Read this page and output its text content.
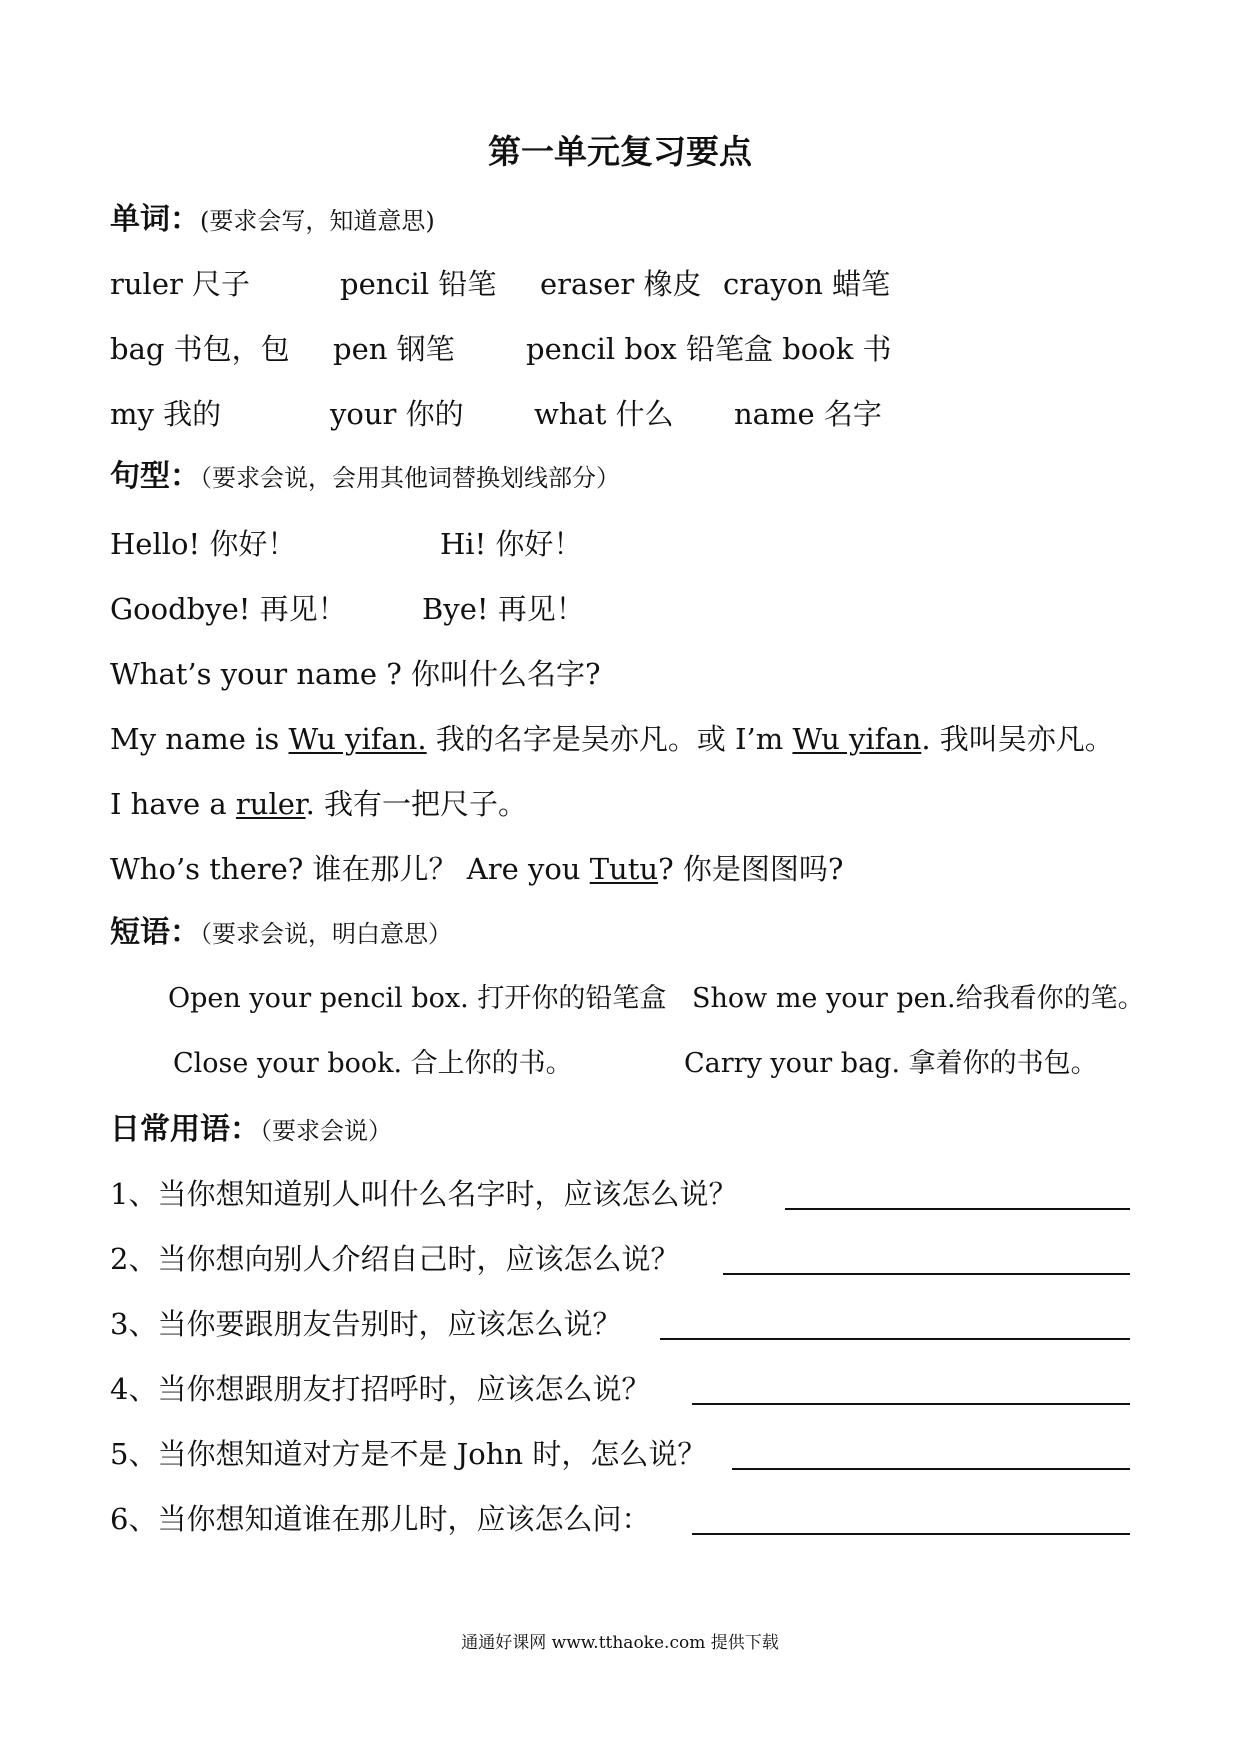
第一单元复习要点
单词：(要求会写，知道意思)
ruler 尺子	pencil 铅笔 eraser 橡皮 crayon 蜡笔
bag 书包，包 pen 钢笔 pencil box 铅笔盒 book 书
my 我的	your 你的 what 什么 name 名字
句型：（要求会说，会用其他词替换划线部分）
Hello! 你好！	Hi! 你好！
Goodbye! 再见！	Bye! 再见！
What’s your name ? 你叫什么名字?
My name is Wu yifan. 我的名字是吴亦凡。或 I’m Wu yifan. 我叫吴亦凡。
I have a ruler. 我有一把尺子。
Who’s there? 谁在那儿？ Are you Tutu? 你是图图吗?
短语：（要求会说，明白意思）
Open your pencil box. 打开你的铅笔盒 Show me your pen.给我看你的笔。
Close your book. 合上你的书。	Carry your bag. 拿着你的书包。
日常用语：（要求会说）
1、当你想知道别人叫什么名字时，应该怎么说？
2、当你想向别人介绍自己时，应该怎么说？
3、当你要跟朋友告别时，应该怎么说？
4、当你想跟朋友打招呼时，应该怎么说？
5、当你想知道对方是不是 John 时，怎么说？
6、当你想知道谁在那儿时，应该怎么问：
通通好课网 www.tthaoke.com 提供下载
